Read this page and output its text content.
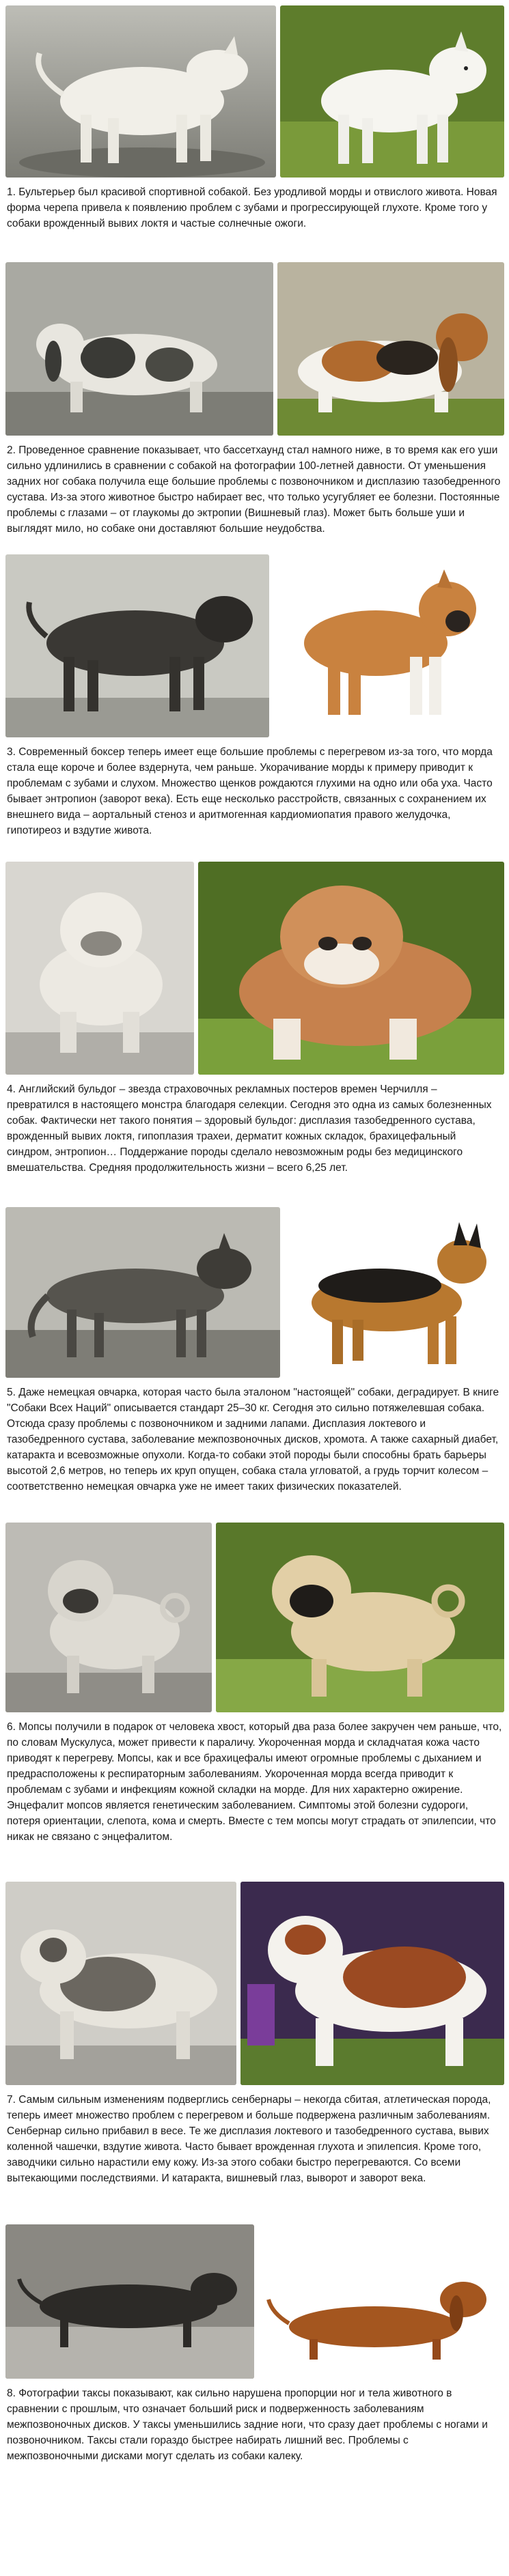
1. Бультерьер был красивой спортивной собакой. Без уродливой морды и отвислого живота. Новая форма черепа привела к появлению проблем с зубами и прогрессирующей глухоте. Кроме того у собаки врожденный вывих локтя и частые солнечные ожоги.
2. Проведенное сравнение показывает, что бассетхаунд стал намного ниже, в то время как его уши сильно удлинились в сравнении с собакой на фотографии 100-летней давности. От уменьшения задних ног собака получила еще большие проблемы с позвоночником и дисплазию тазобедренного сустава. Из-за этого животное быстро набирает вес, что только усугубляет ее болезни. Постоянные проблемы с глазами – от глаукомы до эктропии (Вишневый глаз). Может быть больше уши и выглядят мило, но собаке они доставляют большие неудобства.
3. Современный боксер теперь имеет еще большие проблемы с перегревом из-за того, что морда стала еще короче и более вздернута, чем раньше. Укорачивание морды к примеру приводит к проблемам с зубами и слухом. Множество щенков рождаются глухими на одно или оба уха. Часто бывает энтропион (заворот века). Есть еще несколько расстройств, связанных с сохранением их внешнего вида – аортальный стеноз и аритмогенная кардиомиопатия правого желудочка, гипотиреоз и вздутие живота.
4. Английский бульдог – звезда страховочных рекламных постеров времен Черчилля – превратился в настоящего монстра благодаря селекции. Сегодня это одна из самых болезненных собак. Фактически нет такого понятия – здоровый бульдог: дисплазия тазобедренного сустава, врожденный вывих локтя, гипоплазия трахеи, дерматит кожных складок, брахицефальный синдром, энтропион… Поддержание породы сделало невозможным роды без медицинского вмешательства. Средняя продолжительность жизни – всего 6,25 лет.
5. Даже немецкая овчарка, которая часто была эталоном "настоящей" собаки, деградирует. В книге "Собаки Всех Наций" описывается стандарт 25–30 кг. Сегодня это сильно потяжелевшая собака. Отсюда сразу проблемы с позвоночником и задними лапами. Дисплазия локтевого и тазобедренного сустава, заболевание межпозвоночных дисков, хромота. А также сахарный диабет, катаракта и всевозможные опухоли. Когда-то собаки этой породы были способны брать барьеры высотой 2,6 метров, но теперь их круп опущен, собака стала угловатой, а грудь торчит колесом – соответственно немецкая овчарка уже не имеет таких физических показателей.
6. Мопсы получили в подарок от человека хвост, который два раза более закручен чем раньше, что, по словам Мускулуса, может привести к параличу. Укороченная морда и складчатая кожа часто приводят к перегреву. Мопсы, как и все брахицефалы имеют огромные проблемы с дыханием и предрасположены к респираторным заболеваниям. Укороченная морда всегда приводит к проблемам с зубами и инфекциям кожной складки на морде. Для них характерно ожирение. Энцефалит мопсов является генетическим заболеванием. Симптомы этой болезни судороги, потеря ориентации, слепота, кома и смерть. Вместе с тем мопсы могут страдать от эпилепсии, что никак не связано с энцефалитом.
7. Самым сильным изменениям подверглись сенбернары – некогда сбитая, атлетическая порода, теперь имеет множество проблем с перегревом и больше подвержена различным заболеваниям. Сенбернар сильно прибавил в весе. Те же дисплазия локтевого и тазобедренного сустава, вывих коленной чашечки, вздутие живота. Часто бывает врожденная глухота и эпилепсия. Кроме того, заводчики сильно нарастили ему кожу. Из-за этого собаки быстро перегреваются. Со всеми вытекающими последствиями. И катаракта, вишневый глаз, выворот и заворот века.
8. Фотографии таксы показывают, как сильно нарушена пропорции ног и тела животного в сравнении с прошлым, что означает больший риск и подверженность заболеваниям межпозвоночных дисков. У таксы уменьшились задние ноги, что сразу дает проблемы с ногами и позвоночником. Таксы стали гораздо быстрее набирать лишний вес. Проблемы с межпозвоночными дисками могут сделать из собаки калеку.
